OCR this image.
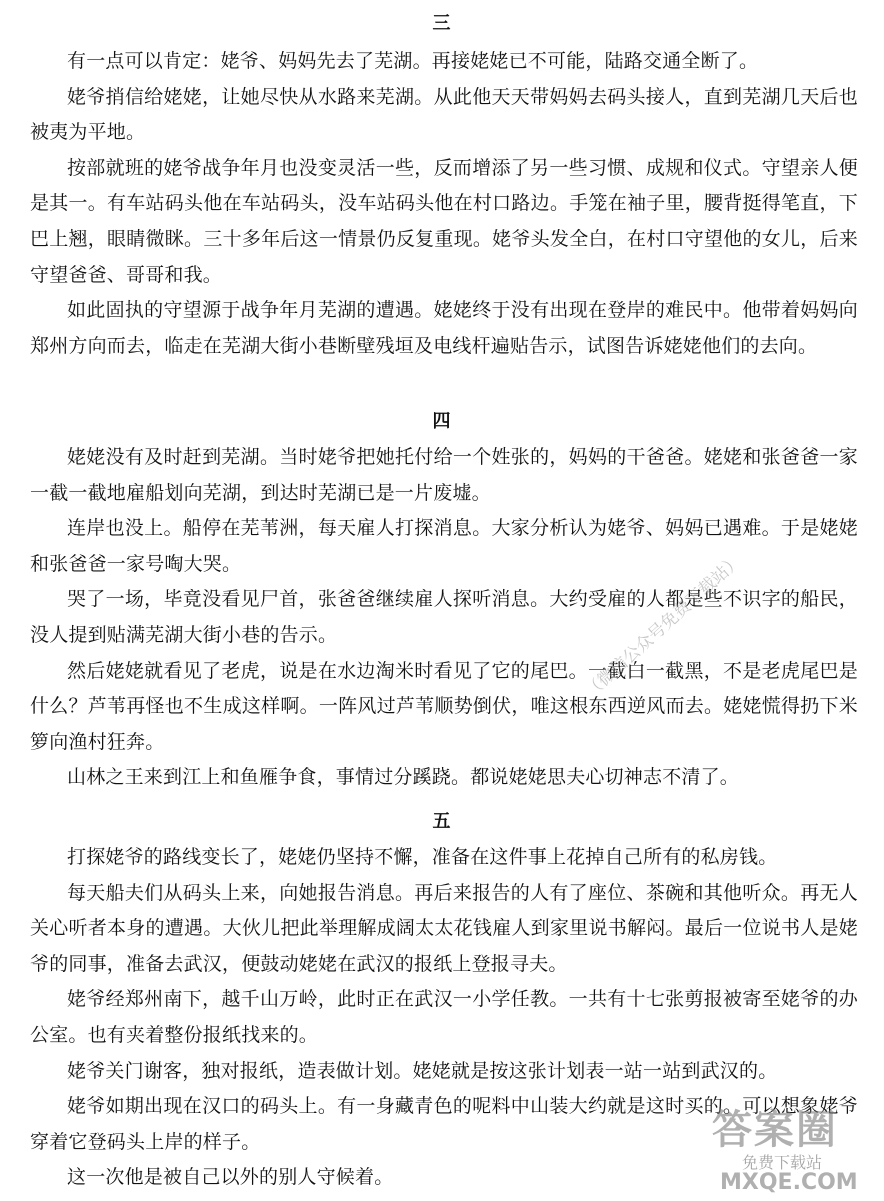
三

有一点可以肯定：姥爷、妈妈先去了芜湖。再接姥姥已不可能，陆路交通全断了。

姥爷捎信给姥姥，让她尽快从水路来芜湖。从此他天天带妈妈去码头接人，直到芜湖几天后也被夷为平地。

按部就班的姥爷战争年月也没变灵活一些，反而增添了另一些习惯、成规和仪式。守望亲人便是其一。有车站码头他在车站码头，没车站码头他在村口路边。手笼在袖子里，腰背挺得笔直，下巴上翘，眼睛微眯。三十多年后这一情景仍反复重现。姥爷头发全白，在村口守望他的女儿，后来守望爸爸、哥哥和我。

如此固执的守望源于战争年月芜湖的遭遇。姥姥终于没有出现在登岸的难民中。他带着妈妈向郑州方向而去，临走在芜湖大街小巷断壁残垣及电线杆遍贴告示，试图告诉姥姥他们的去向。

四

姥姥没有及时赶到芜湖。当时姥爷把她托付给一个姓张的，妈妈的干爸爸。姥姥和张爸爸一家一截一截地雇船划向芜湖，到达时芜湖已是一片废墟。

连岸也没上。船停在芜苇洲，每天雇人打探消息。大家分析认为姥爷、妈妈已遇难。于是姥姥和张爸爸一家号啕大哭。

哭了一场，毕竟没看见尸首，张爸爸继续雇人探听消息。大约受雇的人都是些不识字的船民，没人提到贴满芜湖大街小巷的告示。

然后姥姥就看见了老虎，说是在水边淘米时看见了它的尾巴。一截白一截黑，不是老虎尾巴是什么？芦苇再怪也不生成这样啊。一阵风过芦苇顺势倒伏，唯这根东西逆风而去。姥姥慌得扔下米箩向渔村狂奔。

山林之王来到江上和鱼雁争食，事情过分蹊跷。都说姥姥思夫心切神志不清了。

五

打探姥爷的路线变长了，姥姥仍坚持不懈，准备在这件事上花掉自己所有的私房钱。

每天船夫们从码头上来，向她报告消息。再后来报告的人有了座位、茶碗和其他听众。再无人关心听者本身的遭遇。大伙儿把此举理解成阔太太花钱雇人到家里说书解闷。最后一位说书人是姥爷的同事，准备去武汉，便鼓动姥姥在武汉的报纸上登报寻夫。

姥爷经郑州南下，越千山万岭，此时正在武汉一小学任教。一共有十七张剪报被寄至姥爷的办公室。也有夹着整份报纸找来的。

姥爷关门谢客，独对报纸，造表做计划。姥姥就是按这张计划表一站一站到武汉的。

姥爷如期出现在汉口的码头上。有一身藏青色的呢料中山装大约就是这时买的。可以想象姥爷穿着它登码头上岸的样子。

这一次他是被自己以外的别人守候着。

（微信公众号免费下载站）
答案圈
免费下载站
MXQE.COM
